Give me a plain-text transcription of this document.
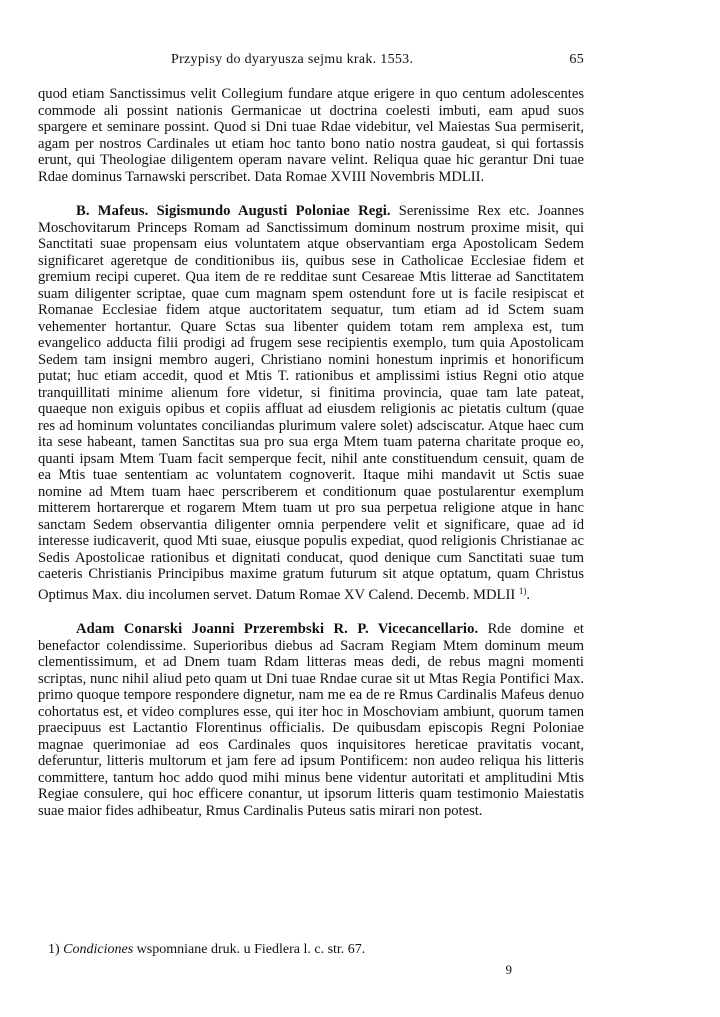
Przypisy do dyaryusza sejmu krak. 1553.	65

quod etiam Sanctissimus velit Collegium fundare atque erigere in quo centum adolescentes commode ali possint nationis Germanicae ut doctrina coelesti imbuti, eam apud suos spargere et seminare possint. Quod si Dni tuae Rdae videbitur, vel Maiestas Sua permiserit, agam per nostros Cardinales ut etiam hoc tanto bono natio nostra gaudeat, si qui fortassis erunt, qui Theologiae diligentem operam navare velint. Reliqua quae hic gerantur Dni tuae Rdae dominus Tarnawski perscribet. Data Romae XVIII Novembris MDLII.

B. Mafeus. Sigismundo Augusti Poloniae Regi. Serenissime Rex etc. Joannes Moschovitarum Princeps Romam ad Sanctissimum dominum nostrum proxime misit, qui Sanctitati suae propensam eius voluntatem atque observantiam erga Apostolicam Sedem significaret ageretque de conditionibus iis, quibus sese in Catholicae Ecclesiae fidem et gremium recipi cuperet. Qua item de re redditae sunt Cesareae Mtis litterae ad Sanctitatem suam diligenter scriptae, quae cum magnam spem ostendunt fore ut is facile resipiscat et Romanae Ecclesiae fidem atque auctoritatem sequatur, tum etiam ad id Sctem suam vehementer hortantur. Quare Sctas sua libenter quidem totam rem amplexa est, tum evangelico adducta filii prodigi ad frugem sese recipientis exemplo, tum quia Apostolicam Sedem tam insigni membro augeri, Christiano nomini honestum inprimis et honorificum putat; huc etiam accedit, quod et Mtis T. rationibus et amplissimi istius Regni otio atque tranquillitati minime alienum fore videtur, si finitima provincia, quae tam late pateat, quaeque non exiguis opibus et copiis affluat ad eiusdem religionis ac pietatis cultum (quae res ad hominum voluntates conciliandas plurimum valere solet) adsciscatur. Atque haec cum ita sese habeant, tamen Sanctitas sua pro sua erga Mtem tuam paterna charitate proque eo, quanti ipsam Mtem Tuam facit semperque fecit, nihil ante constituendum censuit, quam de ea Mtis tuae sententiam ac voluntatem cognoverit. Itaque mihi mandavit ut Sctis suae nomine ad Mtem tuam haec perscriberem et conditionum quae postularentur exemplum mitterem hortarerque et rogarem Mtem tuam ut pro sua perpetua religione atque in hanc sanctam Sedem observantia diligenter omnia perpendere velit et significare, quae ad id interesse iudicaverit, quod Mti suae, eiusque populis expediat, quod religionis Christianae ac Sedis Apostolicae rationibus et dignitati conducat, quod denique cum Sanctitati suae tum caeteris Christianis Principibus maxime gratum futurum sit atque optatum, quam Christus Optimus Max. diu incolumen servet. Datum Romae XV Calend. Decemb. MDLII $^{1)}$.

Adam Conarski Joanni Przerembski R. P. Vicecancellario. Rde domine et benefactor colendissime. Superioribus diebus ad Sacram Regiam Mtem dominum meum clementissimum, et ad Dnem tuam Rdam litteras meas dedi, de rebus magni momenti scriptas, nunc nihil aliud peto quam ut Dni tuae Rndae curae sit ut Mtas Regia Pontifici Max. primo quoque tempore respondere dignetur, nam me ea de re Rmus Cardinalis Mafeus denuo cohortatus est, et video complures esse, qui iter hoc in Moschoviam ambiunt, quorum tamen praecipuus est Lactantio Florentinus officialis. De quibusdam episcopis Regni Poloniae magnae querimoniae ad eos Cardinales quos inquisitores hereticae pravitatis vocant, deferuntur, litteris multorum et jam fere ad ipsum Pontificem: non audeo reliqua his litteris committere, tantum hoc addo quod mihi minus bene videntur autoritati et amplitudini Mtis Regiae consulere, qui hoc efficere conantur, ut ipsorum litteris quam testimonio Maiestatis suae maior fides adhibeatur, Rmus Cardinalis Puteus satis mirari non potest.

1) Condiciones wspomniane druk. u Fiedlera l. c. str. 67.
9
